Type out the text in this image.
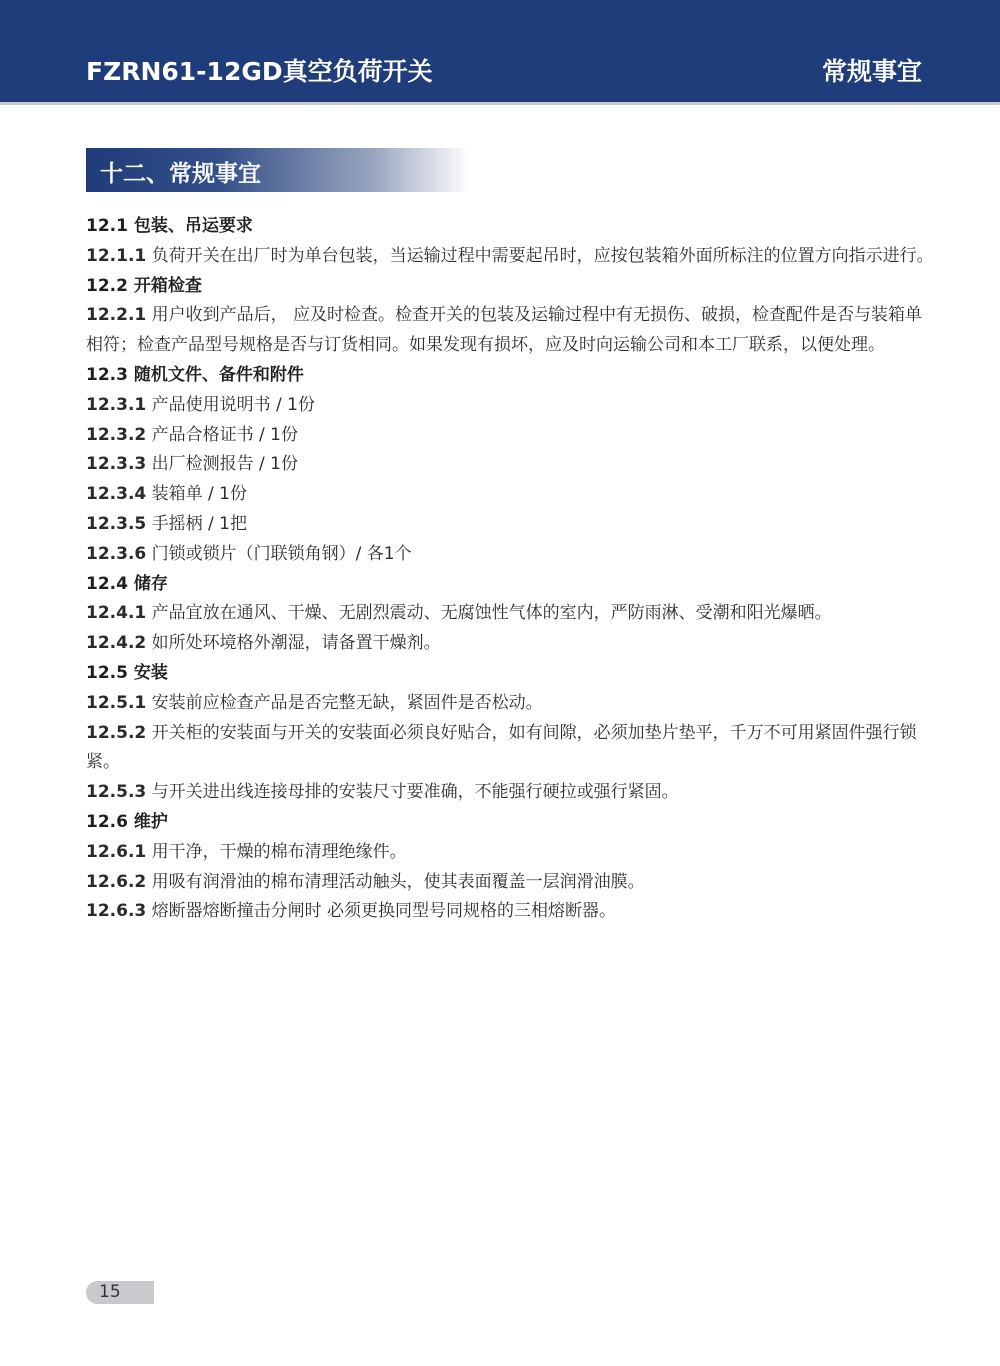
FZRN61-12GD真空负荷开关	常规事宜
十二、常规事宜
12.1 包装、吊运要求
12.1.1 负荷开关在出厂时为单台包装，当运输过程中需要起吊时，应按包装箱外面所标注的位置方向指示进行。
12.2 开箱检查
12.2.1 用户收到产品后， 应及时检查。检查开关的包装及运输过程中有无损伤、破损，检查配件是否与装箱单相符；检查产品型号规格是否与订货相同。如果发现有损坏，应及时向运输公司和本工厂联系，以便处理。
12.3 随机文件、备件和附件
12.3.1 产品使用说明书 / 1份
12.3.2 产品合格证书 / 1份
12.3.3 出厂检测报告 / 1份
12.3.4 装箱单 / 1份
12.3.5 手摇柄 / 1把
12.3.6 门锁或锁片（门联锁角钢）/ 各1个
12.4 储存
12.4.1 产品宜放在通风、干燥、无剧烈震动、无腐蚀性气体的室内，严防雨淋、受潮和阳光爆晒。
12.4.2 如所处环境格外潮湿，请备置干燥剂。
12.5 安装
12.5.1 安装前应检查产品是否完整无缺，紧固件是否松动。
12.5.2 开关柜的安装面与开关的安装面必须良好贴合，如有间隙，必须加垫片垫平，千万不可用紧固件强行锁紧。
12.5.3 与开关进出线连接母排的安装尺寸要准确，不能强行硬拉或强行紧固。
12.6 维护
12.6.1 用干净，干燥的棉布清理绝缘件。
12.6.2 用吸有润滑油的棉布清理活动触头，使其表面覆盖一层润滑油膜。
12.6.3 熔断器熔断撞击分闸时 必须更换同型号同规格的三相熔断器。
15
